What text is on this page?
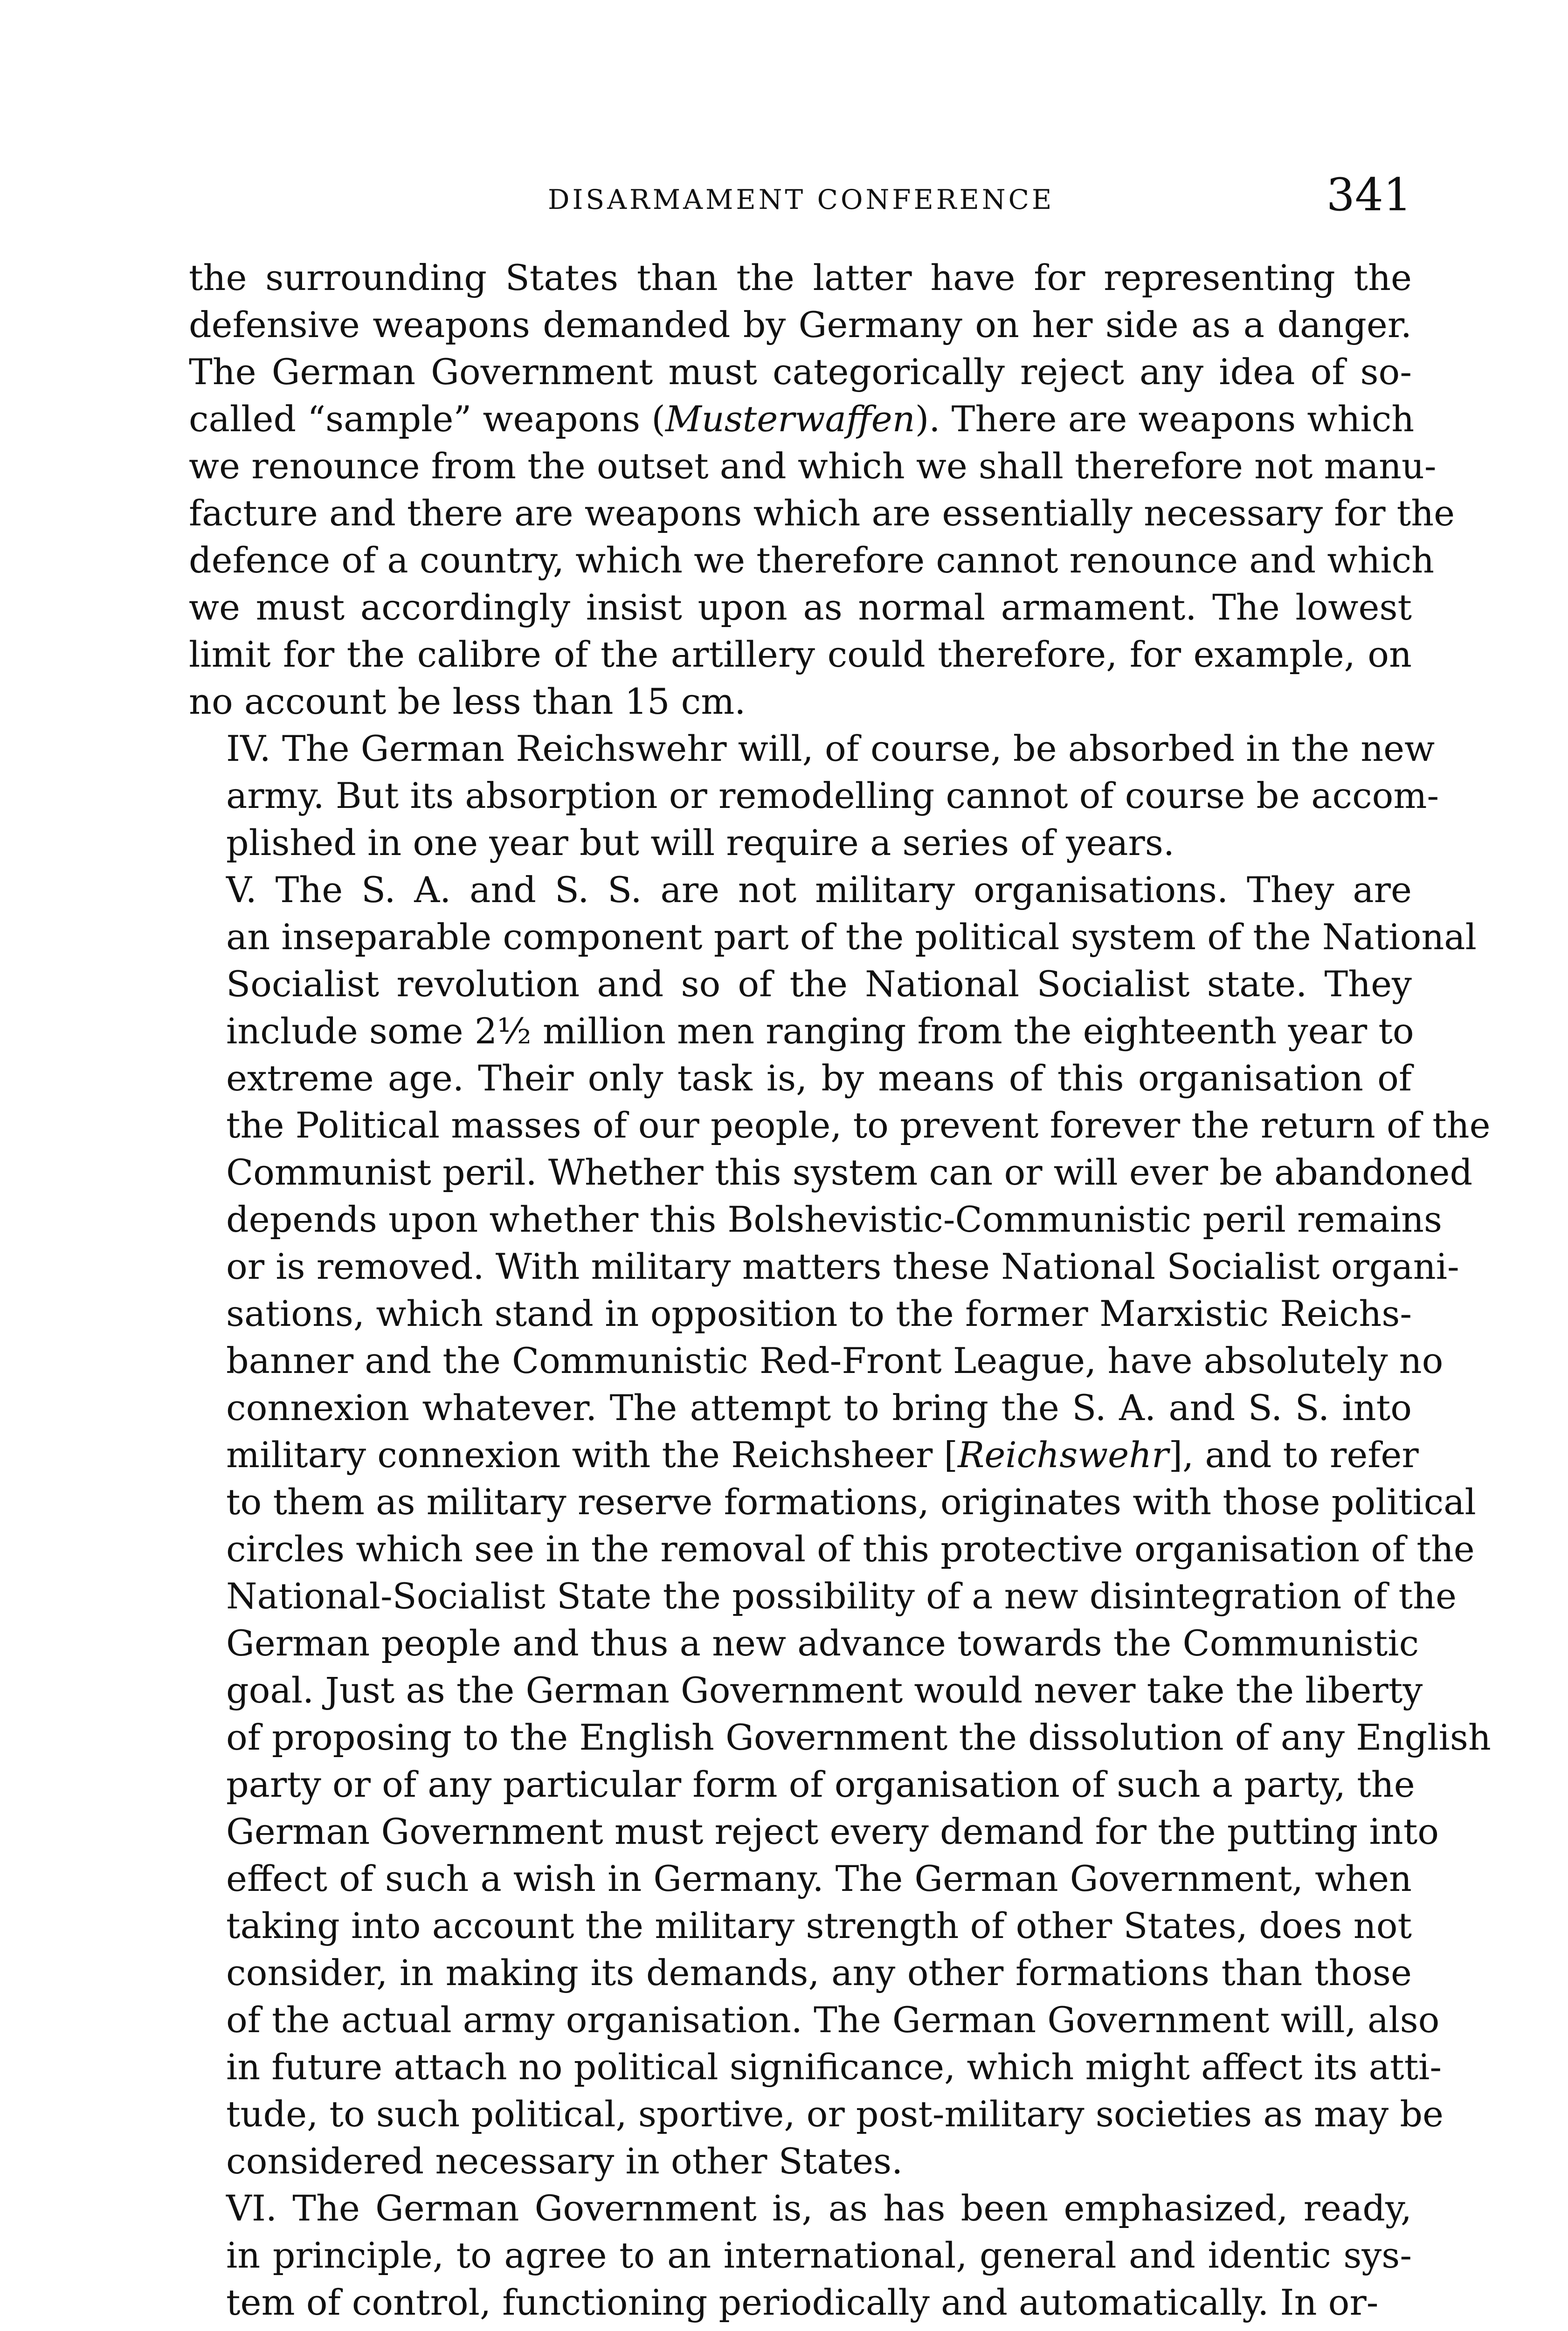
DISARMAMENT CONFERENCE	341

the surrounding States than the latter have for representing the
defensive weapons demanded by Germany on her side as a danger.
The German Government must categorically reject any idea of so-
called “sample” weapons (Musterwaffen). There are weapons which
we renounce from the outset and which we shall therefore not manu-
facture and there are weapons which are essentially necessary for the
defence of a country, which we therefore cannot renounce and which
we must accordingly insist upon as normal armament. The lowest
limit for the calibre of the artillery could therefore, for example, on
no account be less than 15 cm.

IV. The German Reichswehr will, of course, be absorbed in the new
army. But its absorption or remodelling cannot of course be accom-
plished in one year but will require a series of years.

V. The S. A. and S. S. are not military organisations. They are
an inseparable component part of the political system of the National
Socialist revolution and so of the National Socialist state. They
include some 2½ million men ranging from the eighteenth year to
extreme age. Their only task is, by means of this organisation of
the Political masses of our people, to prevent forever the return of the
Communist peril. Whether this system can or will ever be abandoned
depends upon whether this Bolshevistic-Communistic peril remains
or is removed. With military matters these National Socialist organi-
sations, which stand in opposition to the former Marxistic Reichs-
banner and the Communistic Red-Front League, have absolutely no
connexion whatever. The attempt to bring the S. A. and S. S. into
military connexion with the Reichsheer [Reichswehr], and to refer
to them as military reserve formations, originates with those political
circles which see in the removal of this protective organisation of the
National-Socialist State the possibility of a new disintegration of the
German people and thus a new advance towards the Communistic
goal. Just as the German Government would never take the liberty
of proposing to the English Government the dissolution of any English
party or of any particular form of organisation of such a party, the
German Government must reject every demand for the putting into
effect of such a wish in Germany. The German Government, when
taking into account the military strength of other States, does not
consider, in making its demands, any other formations than those
of the actual army organisation. The German Government will, also
in future attach no political significance, which might affect its atti-
tude, to such political, sportive, or post-military societies as may be
considered necessary in other States.

VI. The German Government is, as has been emphasized, ready,
in principle, to agree to an international, general and identic sys-
tem of control, functioning periodically and automatically. In or-
